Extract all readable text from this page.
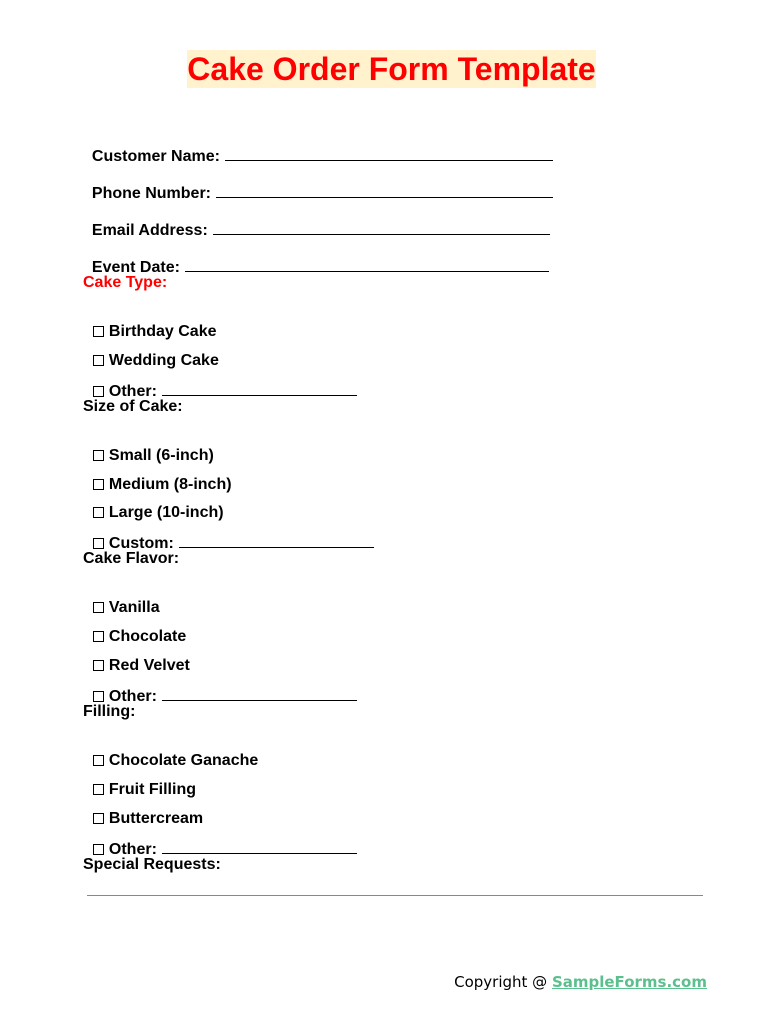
Cake Order Form Template

Customer Name:

Phone Number:

Email Address:

Event Date:

Cake Type:

Birthday Cake

Wedding Cake

Other:

Size of Cake:

Small (6-inch)

Medium (8-inch)

Large (10-inch)

Custom:

Cake Flavor:

Vanilla

Chocolate

Red Velvet

Other:

Filling:

Chocolate Ganache

Fruit Filling

Buttercream

Other:

Special Requests:
Copyright @ SampleForms.com
